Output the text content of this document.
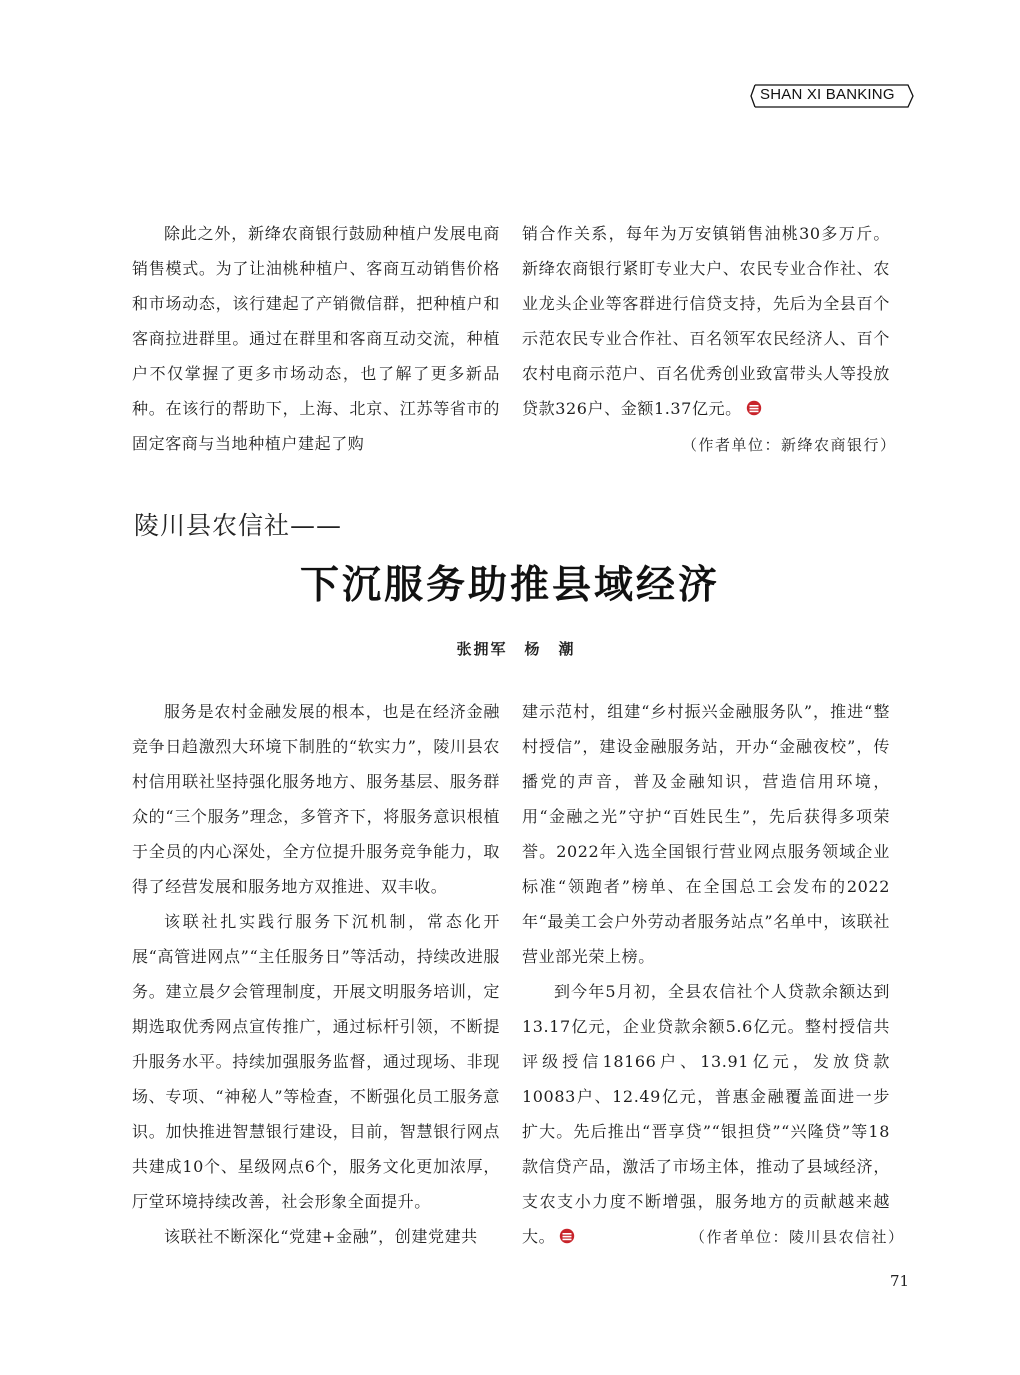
SHAN XI BANKING

除此之外，新绛农商银行鼓励种植户发展电商销售模式。为了让油桃种植户、客商互动销售价格和市场动态，该行建起了产销微信群，把种植户和客商拉进群里。通过在群里和客商互动交流，种植户不仅掌握了更多市场动态，也了解了更多新品种。在该行的帮助下，上海、北京、江苏等省市的固定客商与当地种植户建起了购

销合作关系，每年为万安镇销售油桃30多万斤。新绛农商银行紧盯专业大户、农民专业合作社、农业龙头企业等客群进行信贷支持，先后为全县百个示范农民专业合作社、百名领军农民经济人、百个农村电商示范户、百名优秀创业致富带头人等投放贷款326户、金额1.37亿元。

（作者单位：新绛农商银行）
陵川县农信社——
下沉服务助推县域经济
张拥军　杨　潮

服务是农村金融发展的根本，也是在经济金融竞争日趋激烈大环境下制胜的“软实力”，陵川县农村信用联社坚持强化服务地方、服务基层、服务群众的“三个服务”理念，多管齐下，将服务意识根植于全员的内心深处，全方位提升服务竞争能力，取得了经营发展和服务地方双推进、双丰收。

该联社扎实践行服务下沉机制，常态化开展“高管进网点”“主任服务日”等活动，持续改进服务。建立晨夕会管理制度，开展文明服务培训，定期选取优秀网点宣传推广，通过标杆引领，不断提升服务水平。持续加强服务监督，通过现场、非现场、专项、“神秘人”等检查，不断强化员工服务意识。加快推进智慧银行建设，目前，智慧银行网点共建成10个、星级网点6个，服务文化更加浓厚，厅堂环境持续改善，社会形象全面提升。

该联社不断深化“党建+金融”，创建党建共

建示范村，组建“乡村振兴金融服务队”，推进“整村授信”，建设金融服务站，开办“金融夜校”，传播党的声音，普及金融知识，营造信用环境，用“金融之光”守护“百姓民生”，先后获得多项荣誉。2022年入选全国银行营业网点服务领域企业标准“领跑者”榜单、在全国总工会发布的2022年“最美工会户外劳动者服务站点”名单中，该联社营业部光荣上榜。

到今年5月初，全县农信社个人贷款余额达到13.17亿元，企业贷款余额5.6亿元。整村授信共评级授信18166户、13.91亿元，发放贷款10083户、12.49亿元，普惠金融覆盖面进一步扩大。先后推出“晋享贷”“银担贷”“兴隆贷”等18款信贷产品，激活了市场主体，推动了县域经济，支农支小力度不断增强，服务地方的贡献越来越大。	（作者单位：陵川县农信社）
71
